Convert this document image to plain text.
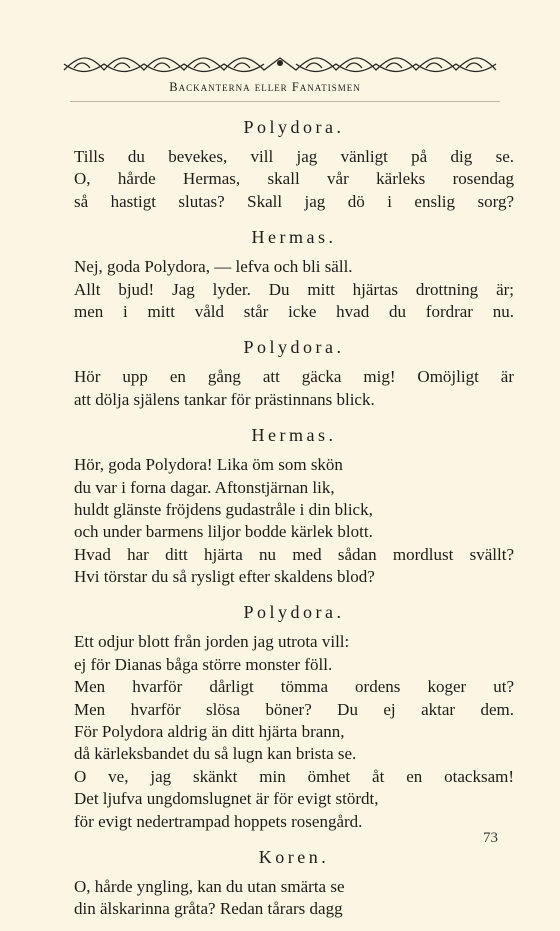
Backanterna eller Fanatismen
Polydora.
Tills du bevekes, vill jag vänligt på dig se.
O, hårde Hermas, skall vår kärleks rosendag
så hastigt slutas? Skall jag dö i enslig sorg?
Hermas.
Nej, goda Polydora, — lefva och bli säll.
Allt bjud! Jag lyder. Du mitt hjärtas drottning är;
men i mitt våld står icke hvad du fordrar nu.
Polydora.
Hör upp en gång att gäcka mig! Omöjligt är
att dölja själens tankar för prästinnans blick.
Hermas.
Hör, goda Polydora! Lika öm som skön
du var i forna dagar. Aftonstjärnan lik,
huldt glänste fröjdens gudastråle i din blick,
och under barmens liljor bodde kärlek blott.
Hvad har ditt hjärta nu med sådan mordlust svällt?
Hvi törstar du så rysligt efter skaldens blod?
Polydora.
Ett odjur blott från jorden jag utrota vill:
ej för Dianas båga större monster föll.
Men hvarför dårligt tömma ordens koger ut?
Men hvarför slösa böner? Du ej aktar dem.
För Polydora aldrig än ditt hjärta brann,
då kärleksbandet du så lugn kan brista se.
O ve, jag skänkt min ömhet åt en otacksam!
Det ljufva ungdomslugnet är för evigt stördt,
för evigt nedertrampad hoppets rosengård.
Koren.
O, hårde yngling, kan du utan smärta se
din älskarinna gråta? Redan tårars dagg
73
